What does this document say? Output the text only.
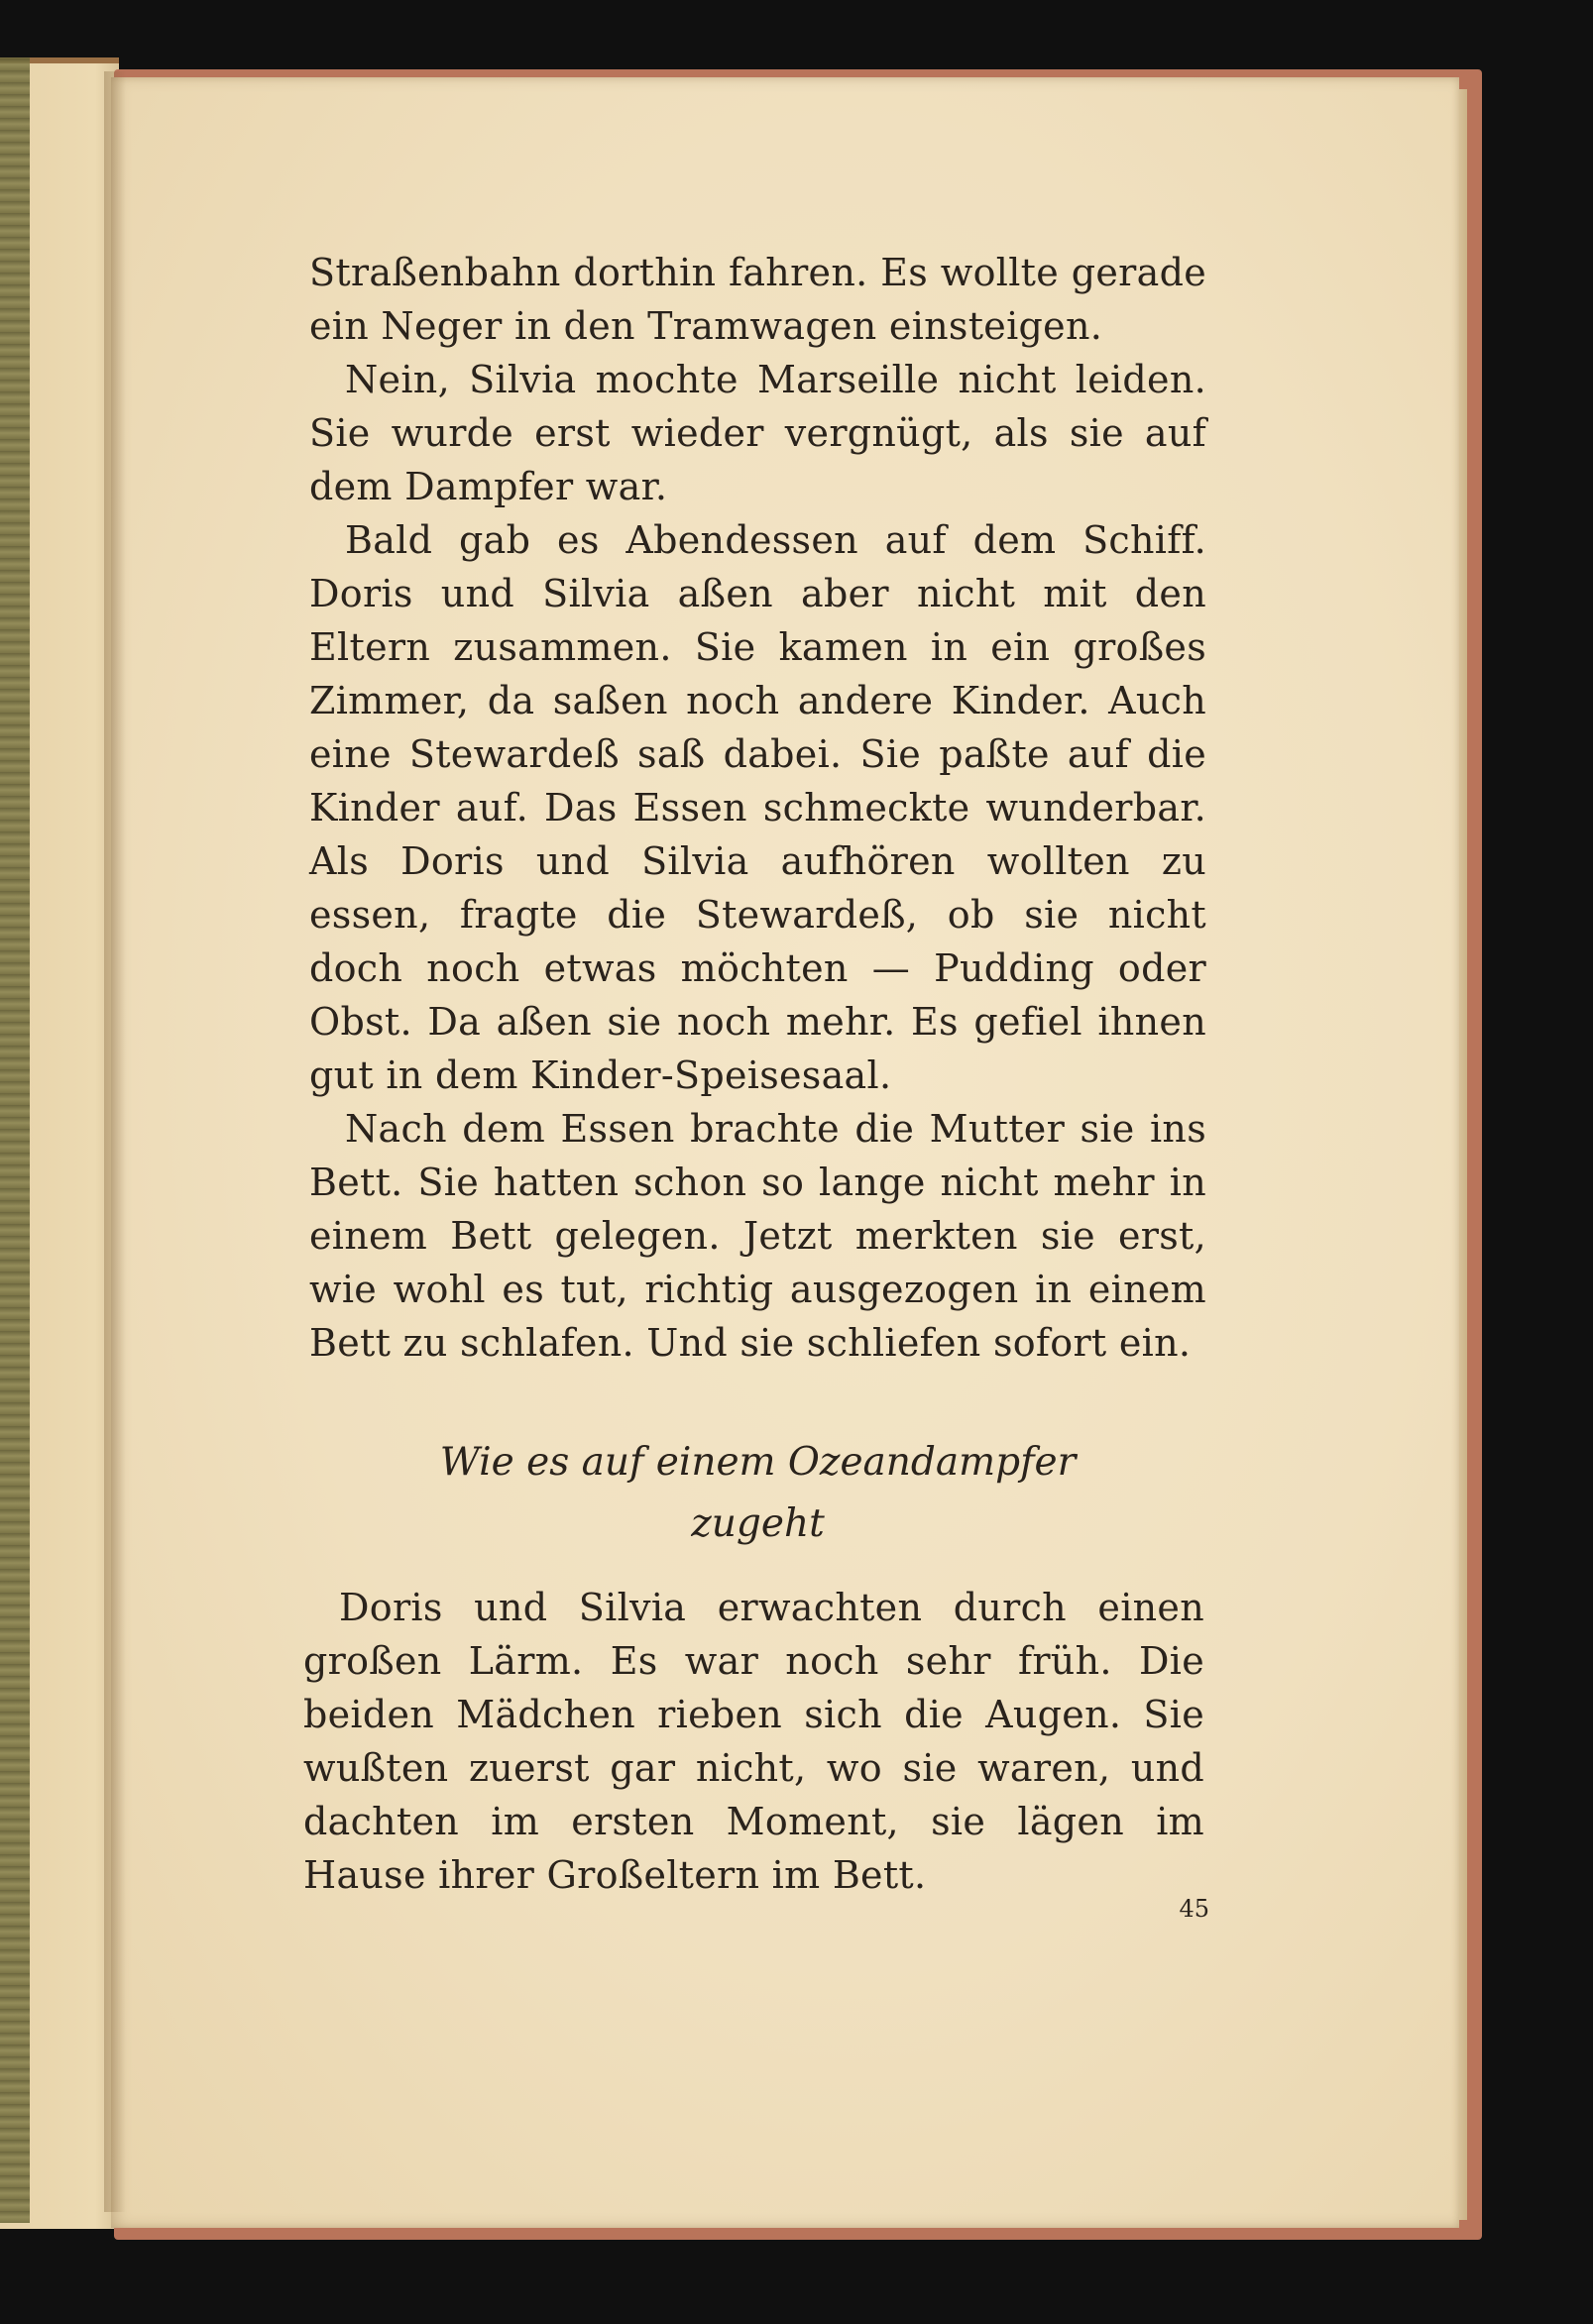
Straßenbahn dorthin fahren. Es wollte gerade ein Neger in den Tramwagen einsteigen.

Nein, Silvia mochte Marseille nicht leiden. Sie wurde erst wieder vergnügt, als sie auf dem Dampfer war.

Bald gab es Abendessen auf dem Schiff. Doris und Silvia aßen aber nicht mit den Eltern zusammen. Sie kamen in ein großes Zimmer, da saßen noch andere Kinder. Auch eine Stewardeß saß dabei. Sie paßte auf die Kinder auf. Das Essen schmeckte wunderbar. Als Doris und Silvia aufhören wollten zu essen, fragte die Stewardeß, ob sie nicht doch noch etwas möchten — Pudding oder Obst. Da aßen sie noch mehr. Es gefiel ihnen gut in dem Kinder-Speisesaal.

Nach dem Essen brachte die Mutter sie ins Bett. Sie hatten schon so lange nicht mehr in einem Bett gelegen. Jetzt merkten sie erst, wie wohl es tut, richtig ausgezogen in einem Bett zu schlafen. Und sie schliefen sofort ein.

Wie es auf einem Ozeandampfer

zugeht

Doris und Silvia erwachten durch einen großen Lärm. Es war noch sehr früh. Die beiden Mädchen rieben sich die Augen. Sie wußten zuerst gar nicht, wo sie waren, und dachten im ersten Moment, sie lägen im Hause ihrer Großeltern im Bett.

45
